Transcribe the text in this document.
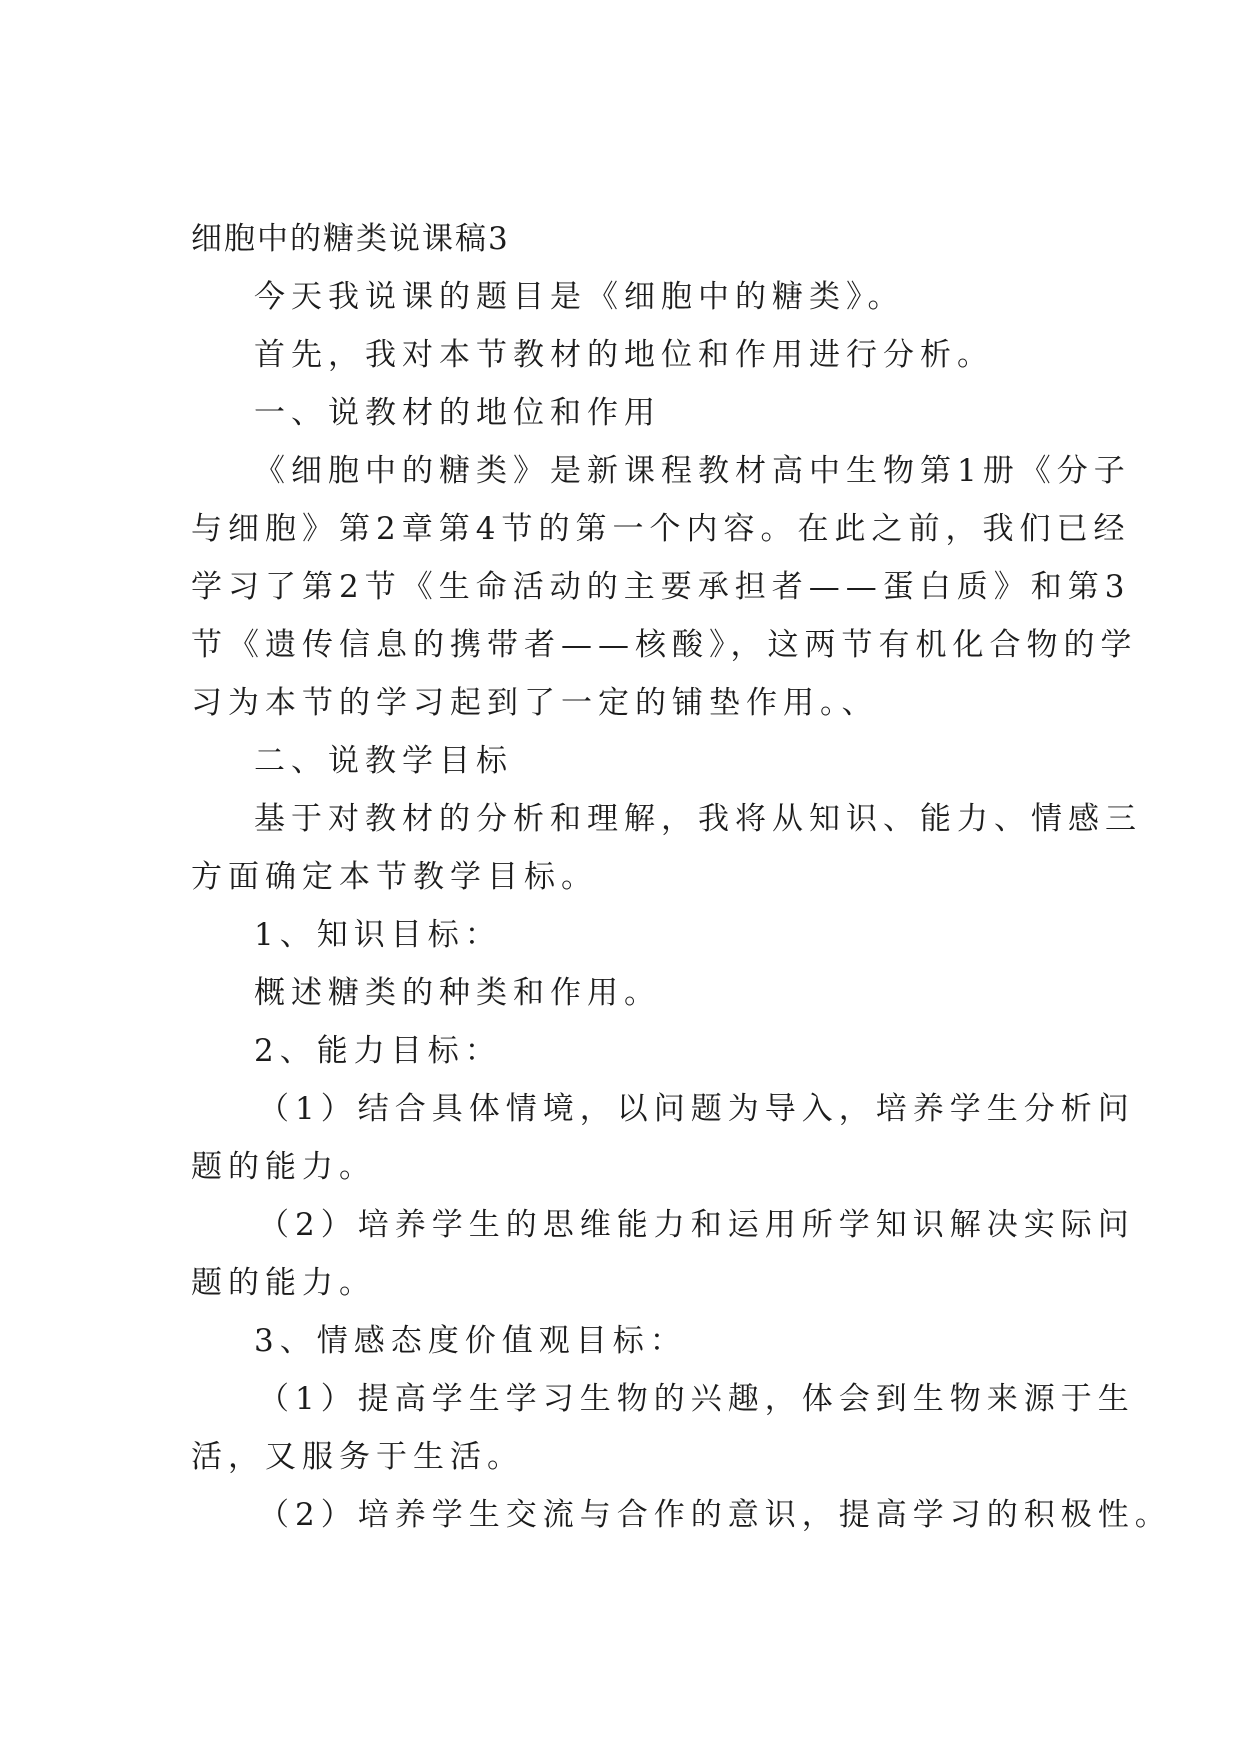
细胞中的糖类说课稿3
今天我说课的题目是《细胞中的糖类》。
首先，我对本节教材的地位和作用进行分析。
一、说教材的地位和作用
《细胞中的糖类》是新课程教材高中生物第1册《分子
与细胞》第2章第4节的第一个内容。在此之前，我们已经
学习了第2节《生命活动的主要承担者——蛋白质》和第3
节《遗传信息的携带者——核酸》，这两节有机化合物的学
习为本节的学习起到了一定的铺垫作用。、
二、说教学目标
基于对教材的分析和理解，我将从知识、能力、情感三
方面确定本节教学目标。
1、知识目标：
概述糖类的种类和作用。
2、能力目标：
（1）结合具体情境，以问题为导入，培养学生分析问
题的能力。
（2）培养学生的思维能力和运用所学知识解决实际问
题的能力。
3、情感态度价值观目标：
（1）提高学生学习生物的兴趣，体会到生物来源于生
活，又服务于生活。
（2）培养学生交流与合作的意识，提高学习的积极性。
